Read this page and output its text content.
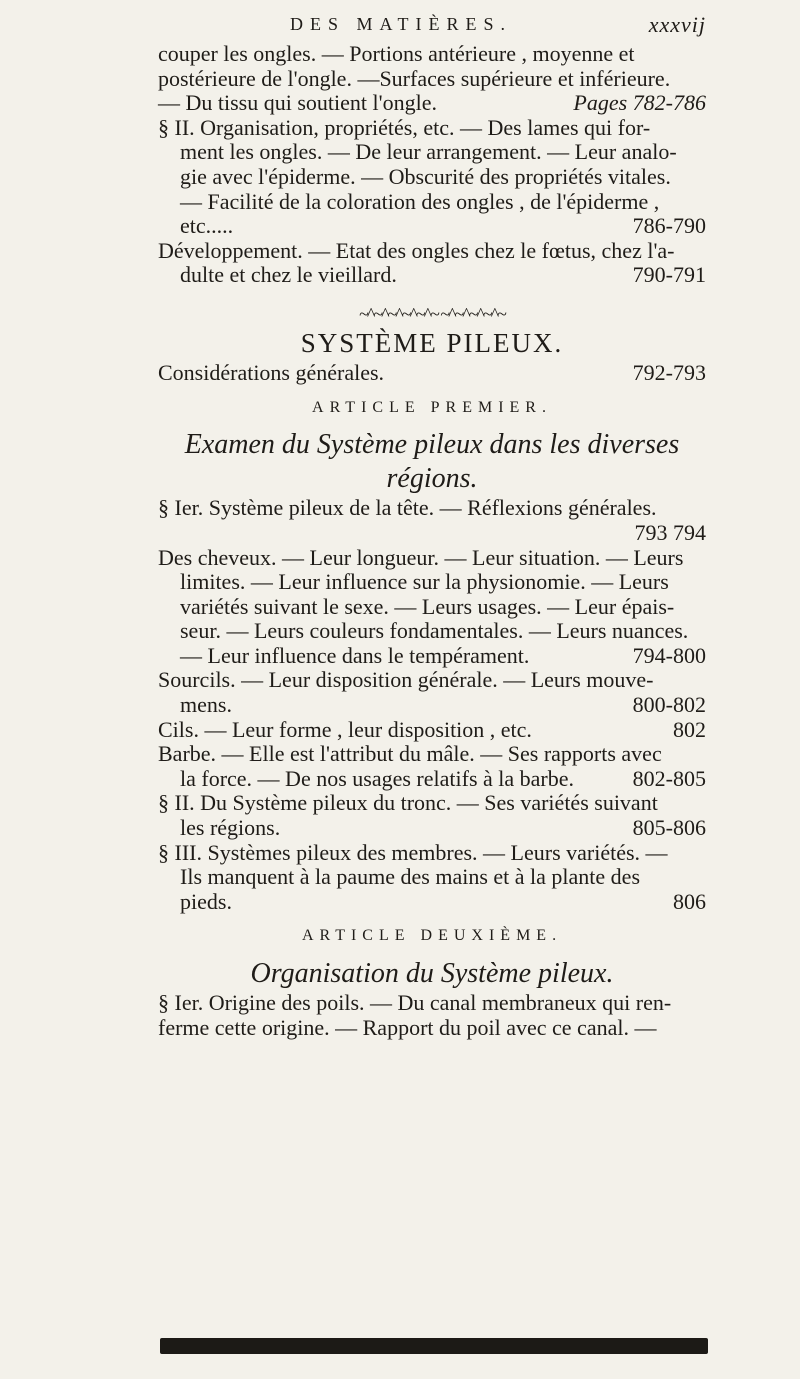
DES MATIÈRES.	xxxvij
couper les ongles. — Portions antérieure , moyenne et
postérieure de l'ongle. —Surfaces supérieure et inférieure.
— Du tissu qui soutient l'ongle.	Pages 782-786
§ II. Organisation, propriétés, etc. — Des lames qui for-
ment les ongles. — De leur arrangement. — Leur analo-
gie avec l'épiderme. — Obscurité des propriétés vitales.
— Facilité de la coloration des ongles , de l'épiderme ,
etc.....	786-790
Développement. — Etat des ongles chez le fœtus, chez l'a-
dulte et chez le vieillard.	790-791
~^~^~^~^~^~ ~^~^~^~^~
SYSTÈME PILEUX.
Considérations générales.	792-793
ARTICLE PREMIER.
Examen du Système pileux dans les diverses
régions.
§ Ier. Système pileux de la tête. — Réflexions générales.
793 794
Des cheveux. — Leur longueur. — Leur situation. — Leurs
limites. — Leur influence sur la physionomie. — Leurs
variétés suivant le sexe. — Leurs usages. — Leur épais-
seur. — Leurs couleurs fondamentales. — Leurs nuances.
— Leur influence dans le tempérament.	794-800
Sourcils. — Leur disposition générale. — Leurs mouve-
mens.	800-802
Cils. — Leur forme , leur disposition , etc.	802
Barbe. — Elle est l'attribut du mâle. — Ses rapports avec
la force. — De nos usages relatifs à la barbe.	802-805
§ II. Du Système pileux du tronc. — Ses variétés suivant
les régions.	805-806
§ III. Systèmes pileux des membres. — Leurs variétés. —
Ils manquent à la paume des mains et à la plante des
pieds.	806
ARTICLE DEUXIÈME.
Organisation du Système pileux.
§ Ier. Origine des poils. — Du canal membraneux qui ren-
ferme cette origine. — Rapport du poil avec ce canal. —
